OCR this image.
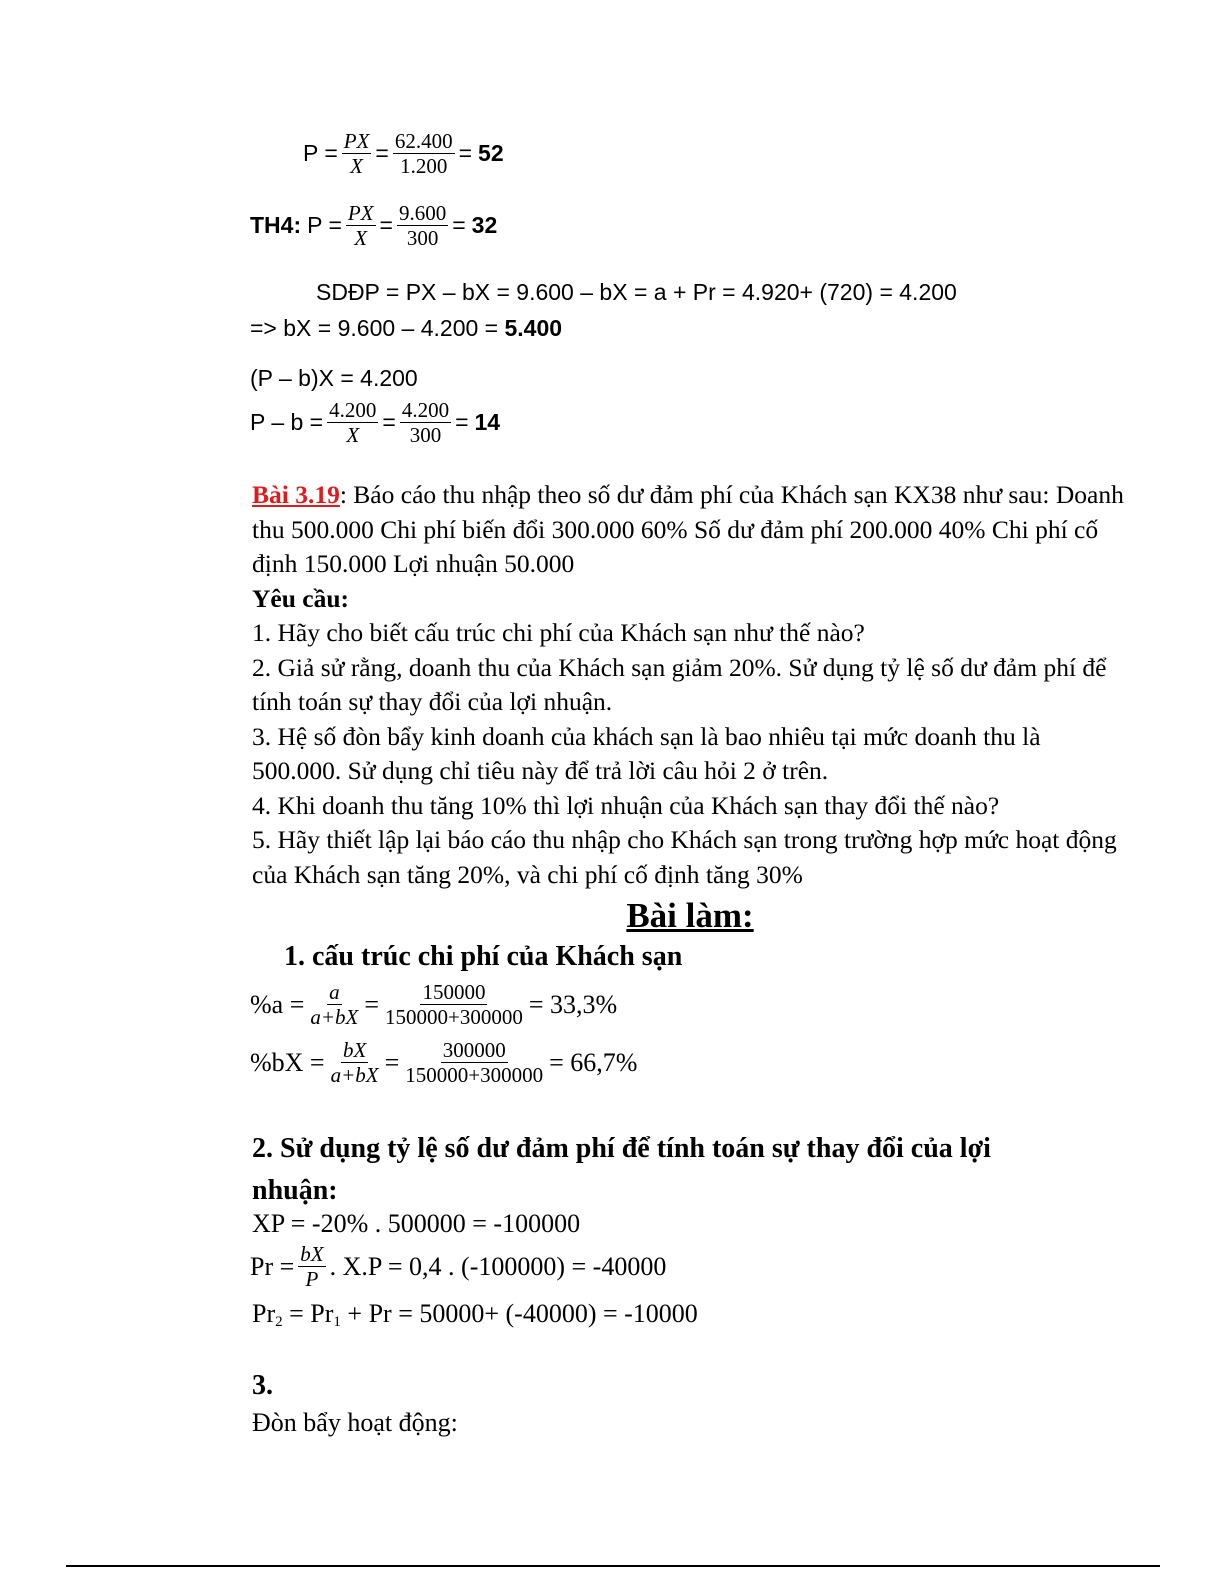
$P = \frac{PX}{X} = \frac{62.400}{1.200} = 52$
TH4: $P = \frac{PX}{X} = \frac{9.600}{300} = 32$
SDĐP = PX – bX = 9.600 – bX = a + Pr = 4.920+ (720) = 4.200
=> bX = 9.600 – 4.200 = 5.400
(P – b)X = 4.200
$P - b = \frac{4.200}{X} = \frac{4.200}{300} = 14$
Bài 3.19: Báo cáo thu nhập theo số dư đảm phí của Khách sạn KX38 như sau: Doanh thu 500.000 Chi phí biến đổi 300.000 60% Số dư đảm phí 200.000 40% Chi phí cố định 150.000 Lợi nhuận 50.000
Yêu cầu:
1. Hãy cho biết cấu trúc chi phí của Khách sạn như thế nào?
2. Giả sử rằng, doanh thu của Khách sạn giảm 20%. Sử dụng tỷ lệ số dư đảm phí để tính toán sự thay đổi của lợi nhuận.
3. Hệ số đòn bẩy kinh doanh của khách sạn là bao nhiêu tại mức doanh thu là 500.000. Sử dụng chỉ tiêu này để trả lời câu hỏi 2 ở trên.
4. Khi doanh thu tăng 10% thì lợi nhuận của Khách sạn thay đổi thế nào?
5. Hãy thiết lập lại báo cáo thu nhập cho Khách sạn trong trường hợp mức hoạt động của Khách sạn tăng 20%, và chi phí cố định tăng 30%
Bài làm:
1. cấu trúc chi phí của Khách sạn
$\%a = \frac{a}{a+bX} = \frac{150000}{150000+300000} = 33,3\%$
$\%bX = \frac{bX}{a+bX} = \frac{300000}{150000+300000} = 66,7\%$
2. Sử dụng tỷ lệ số dư đảm phí để tính toán sự thay đổi của lợi nhuận:
XP = -20% . 500000 = -100000
$Pr = \frac{bX}{P}$ . X.P = 0,4 . (-100000) = -40000
$Pr_2 = Pr_1 + Pr = 50000+ (-40000) = -10000$
3.
Đòn bẩy hoạt động:
